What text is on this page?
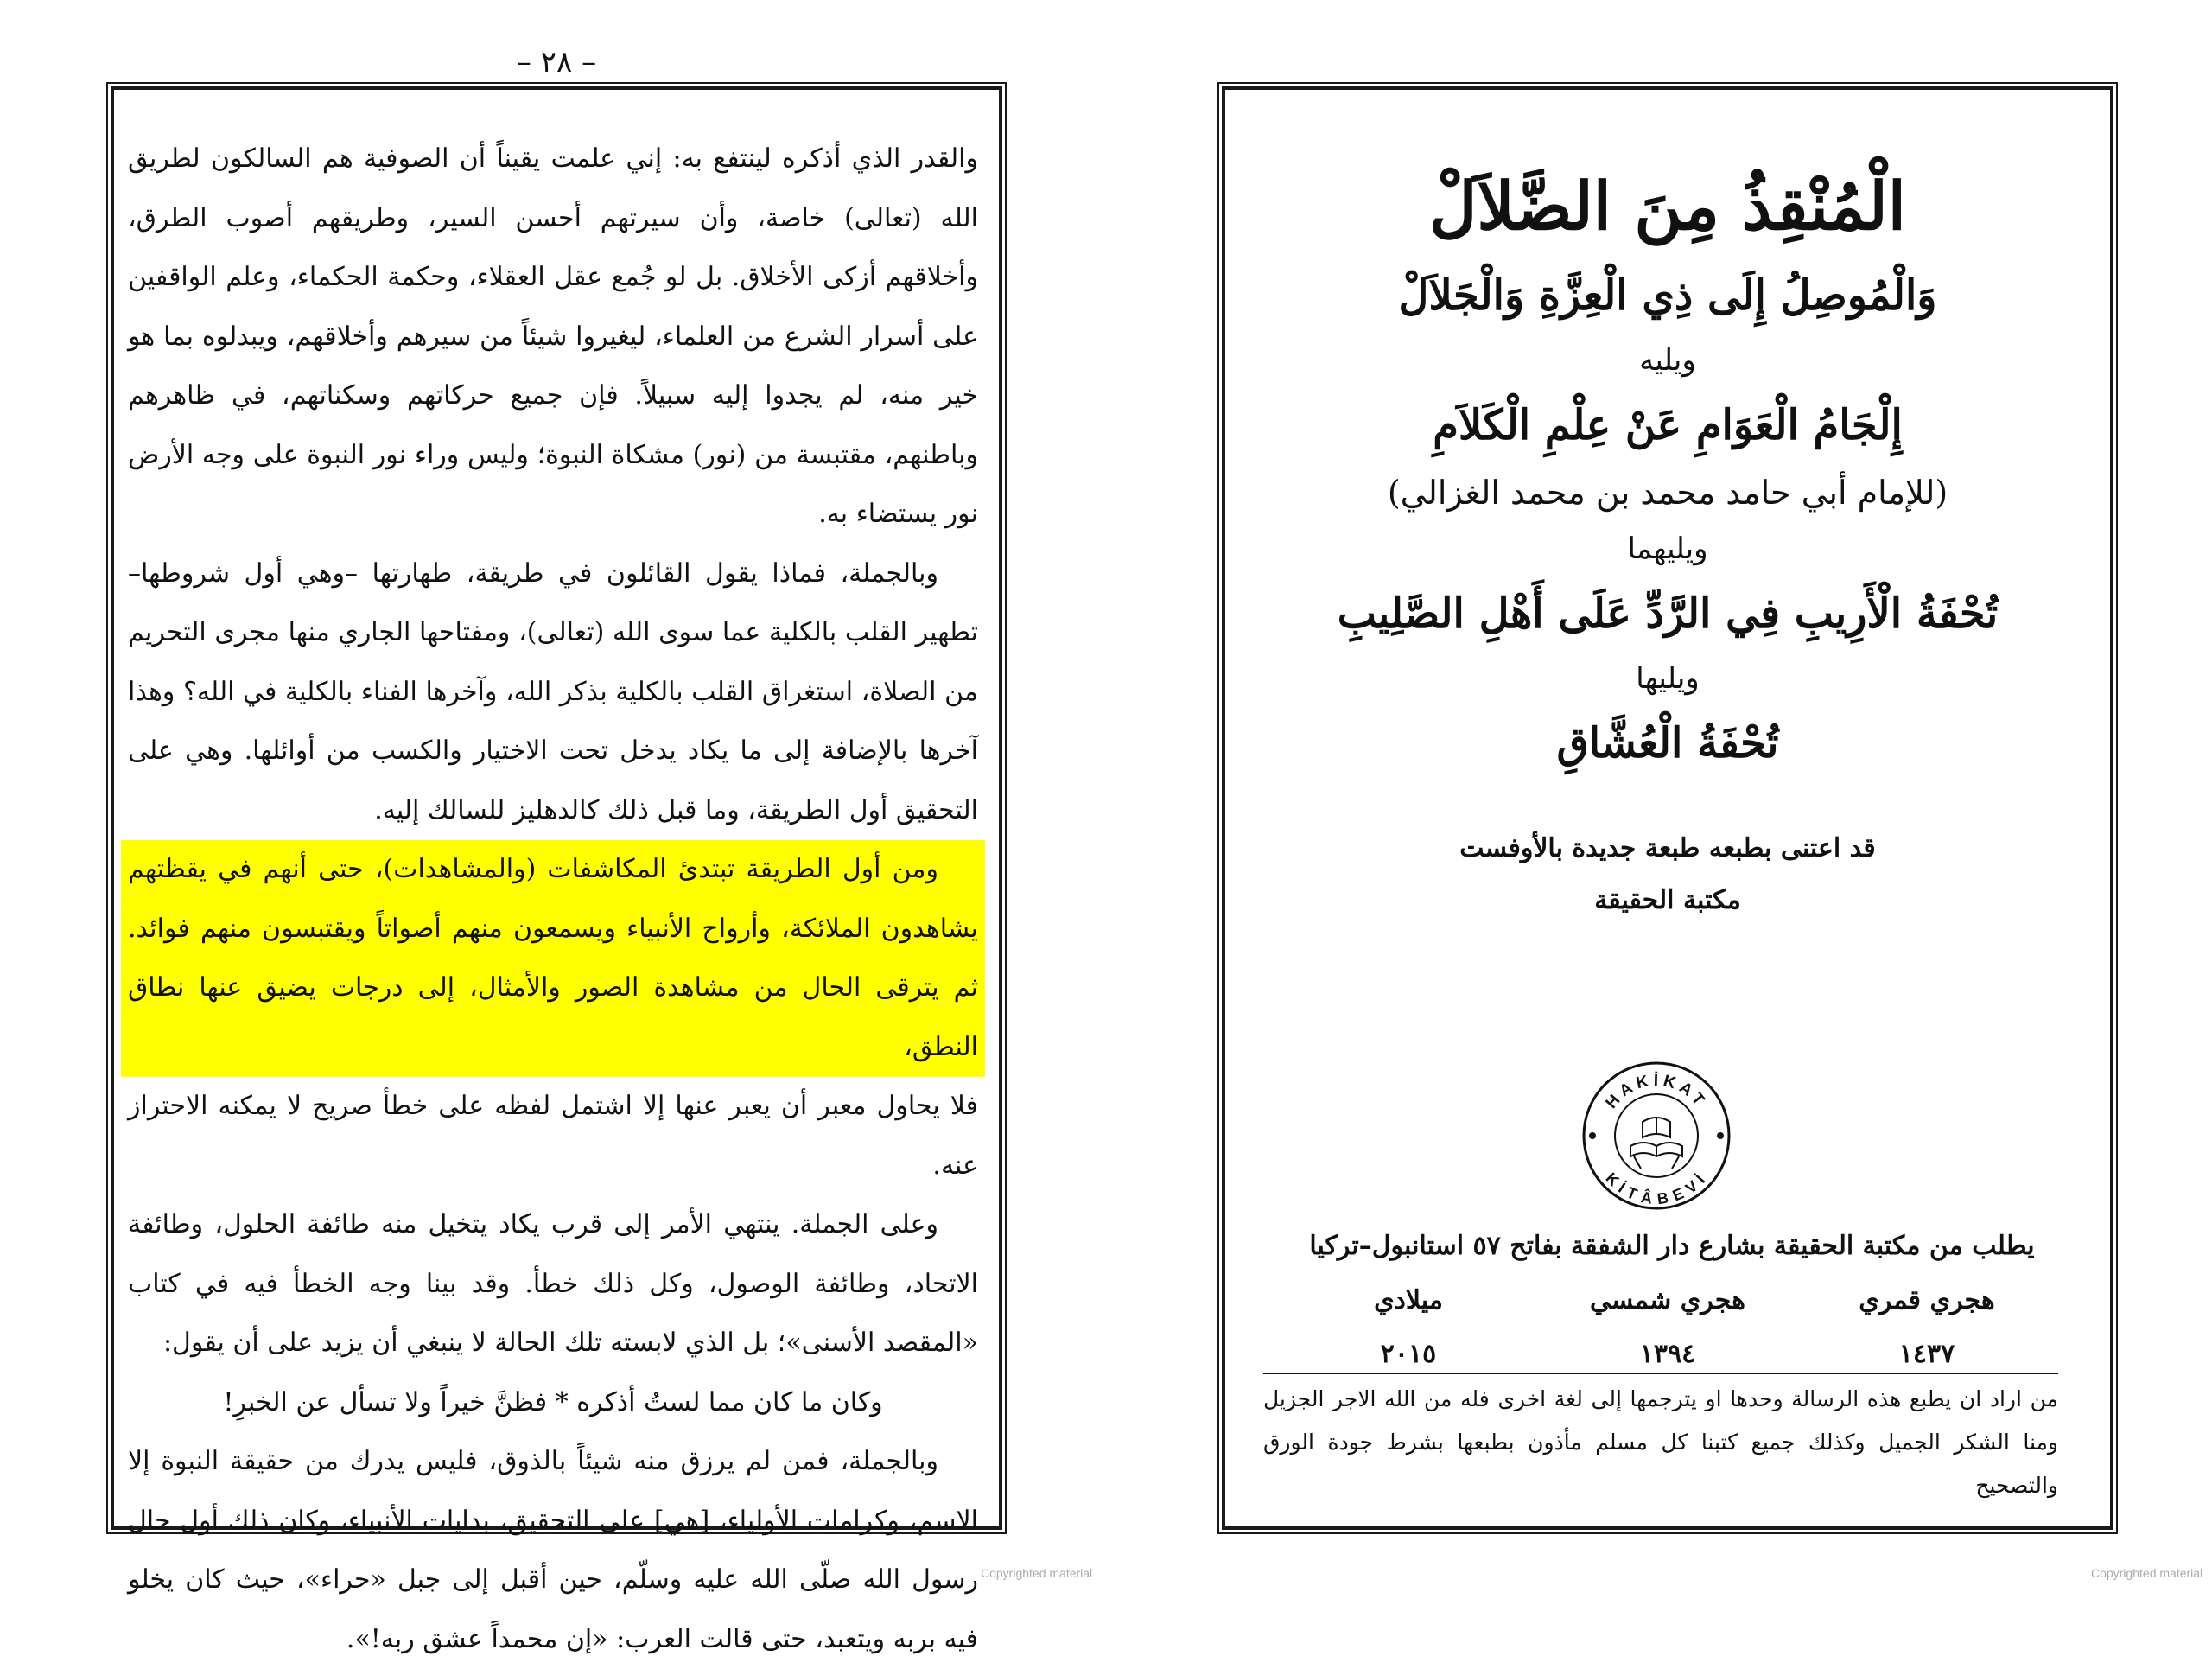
– ٢٨ –

والقدر الذي أذكره لينتفع به: إني علمت يقيناً أن الصوفية هم السالكون لطريق الله (تعالى) خاصة، وأن سيرتهم أحسن السير، وطريقهم أصوب الطرق، وأخلاقهم أزكى الأخلاق. بل لو جُمع عقل العقلاء، وحكمة الحكماء، وعلم الواقفين على أسرار الشرع من العلماء، ليغيروا شيئاً من سيرهم وأخلاقهم، ويبدلوه بما هو خير منه، لم يجدوا إليه سبيلاً. فإن جميع حركاتهم وسكناتهم، في ظاهرهم وباطنهم، مقتبسة من (نور) مشكاة النبوة؛ وليس وراء نور النبوة على وجه الأرض نور يستضاء به.

وبالجملة، فماذا يقول القائلون في طريقة، طهارتها –وهي أول شروطها– تطهير القلب بالكلية عما سوى الله (تعالى)، ومفتاحها الجاري منها مجرى التحريم من الصلاة، استغراق القلب بالكلية بذكر الله، وآخرها الفناء بالكلية في الله؟ وهذا آخرها بالإضافة إلى ما يكاد يدخل تحت الاختيار والكسب من أوائلها. وهي على التحقيق أول الطريقة، وما قبل ذلك كالدهليز للسالك إليه.

ومن أول الطريقة تبتدئ المكاشفات (والمشاهدات)، حتى أنهم في يقظتهم يشاهدون الملائكة، وأرواح الأنبياء ويسمعون منهم أصواتاً ويقتبسون منهم فوائد. ثم يترقى الحال من مشاهدة الصور والأمثال، إلى درجات يضيق عنها نطاق النطق،

فلا يحاول معبر أن يعبر عنها إلا اشتمل لفظه على خطأ صريح لا يمكنه الاحتراز عنه.

وعلى الجملة. ينتهي الأمر إلى قرب يكاد يتخيل منه طائفة الحلول، وطائفة الاتحاد، وطائفة الوصول، وكل ذلك خطأ. وقد بينا وجه الخطأ فيه في كتاب «المقصد الأسنى»؛ بل الذي لابسته تلك الحالة لا ينبغي أن يزيد على أن يقول:

وكان ما كان مما لستُ أذكره * فظنَّ خيراً ولا تسأل عن الخبرِ!

وبالجملة، فمن لم يرزق منه شيئاً بالذوق، فليس يدرك من حقيقة النبوة إلا الاسم، وكرامات الأولياء، [هي] على التحقيق، بدايات الأنبياء، وكان ذلك أول حال رسول الله صلّى الله عليه وسلّم، حين أقبل إلى جبل «حراء»، حيث كان يخلو فيه بربه ويتعبد، حتى قالت العرب: «إن محمداً عشق ربه!».

الْمُنْقِذُ مِنَ الضَّلاَلْ

وَالْمُوصِلُ إِلَى ذِي الْعِزَّةِ وَالْجَلاَلْ

ويليه

إِلْجَامُ الْعَوَامِ عَنْ عِلْمِ الْكَلاَمِ

(للإمام أبي حامد محمد بن محمد الغزالي)

ويليهما

تُحْفَةُ الْأَرِيبِ فِي الرَّدِّ عَلَى أَهْلِ الصَّلِيبِ

ويليها

تُحْفَةُ الْعُشَّاقِ

قد اعتنى بطبعه طبعة جديدة بالأوفست

مكتبة الحقيقة

HAKİKAT
KİTÂBEVİ
يطلب من مكتبة الحقيقة بشارع دار الشفقة بفاتح ٥٧ استانبول–تركيا
هجري قمري
١٤٣٧
هجري شمسي
١٣٩٤
ميلادي
٢٠١٥
من اراد ان يطبع هذه الرسالة وحدها او يترجمها إلى لغة اخرى فله من الله الاجر الجزيل ومنا الشكر الجميل وكذلك جميع كتبنا كل مسلم مأذون بطبعها بشرط جودة الورق والتصحيح
Copyrighted material	Copyrighted material
